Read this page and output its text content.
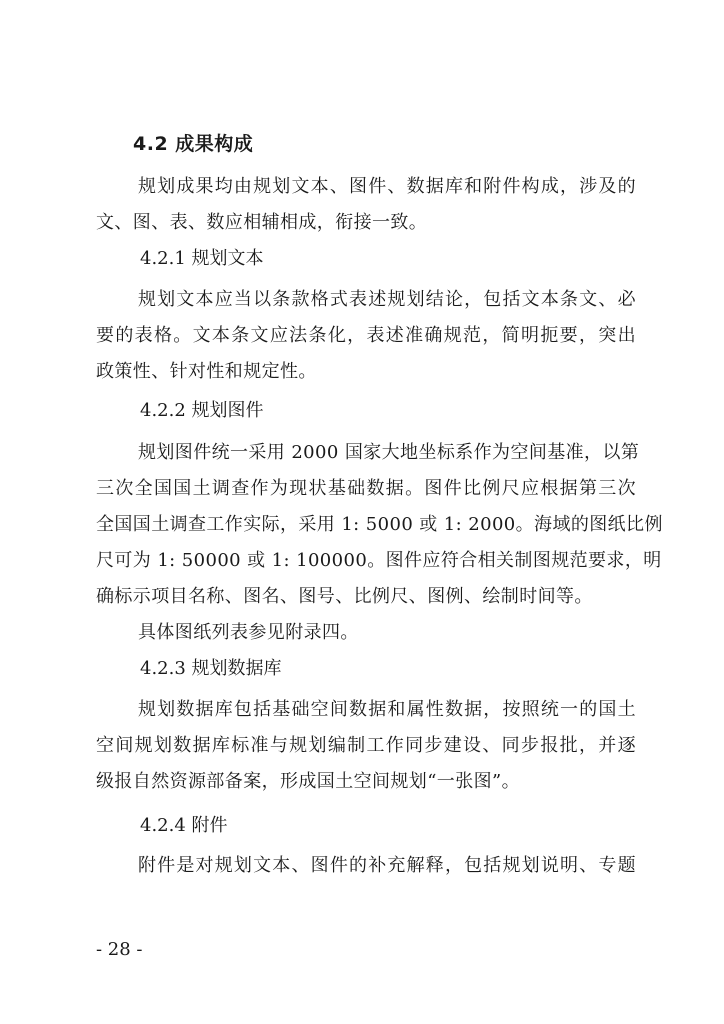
4.2 成果构成
规划成果均由规划文本、图件、数据库和附件构成，涉及的
文、图、表、数应相辅相成，衔接一致。
4.2.1 规划文本
规划文本应当以条款格式表述规划结论，包括文本条文、必
要的表格。文本条文应法条化，表述准确规范，简明扼要，突出
政策性、针对性和规定性。
4.2.2 规划图件
规划图件统一采用 2000 国家大地坐标系作为空间基准，以第
三次全国国土调查作为现状基础数据。图件比例尺应根据第三次
全国国土调查工作实际，采用 1: 5000 或 1: 2000。海域的图纸比例
尺可为 1: 50000 或 1: 100000。图件应符合相关制图规范要求，明
确标示项目名称、图名、图号、比例尺、图例、绘制时间等。
具体图纸列表参见附录四。
4.2.3 规划数据库
规划数据库包括基础空间数据和属性数据，按照统一的国土
空间规划数据库标准与规划编制工作同步建设、同步报批，并逐
级报自然资源部备案，形成国土空间规划“一张图”。
4.2.4 附件
附件是对规划文本、图件的补充解释，包括规划说明、专题
- 28 -
